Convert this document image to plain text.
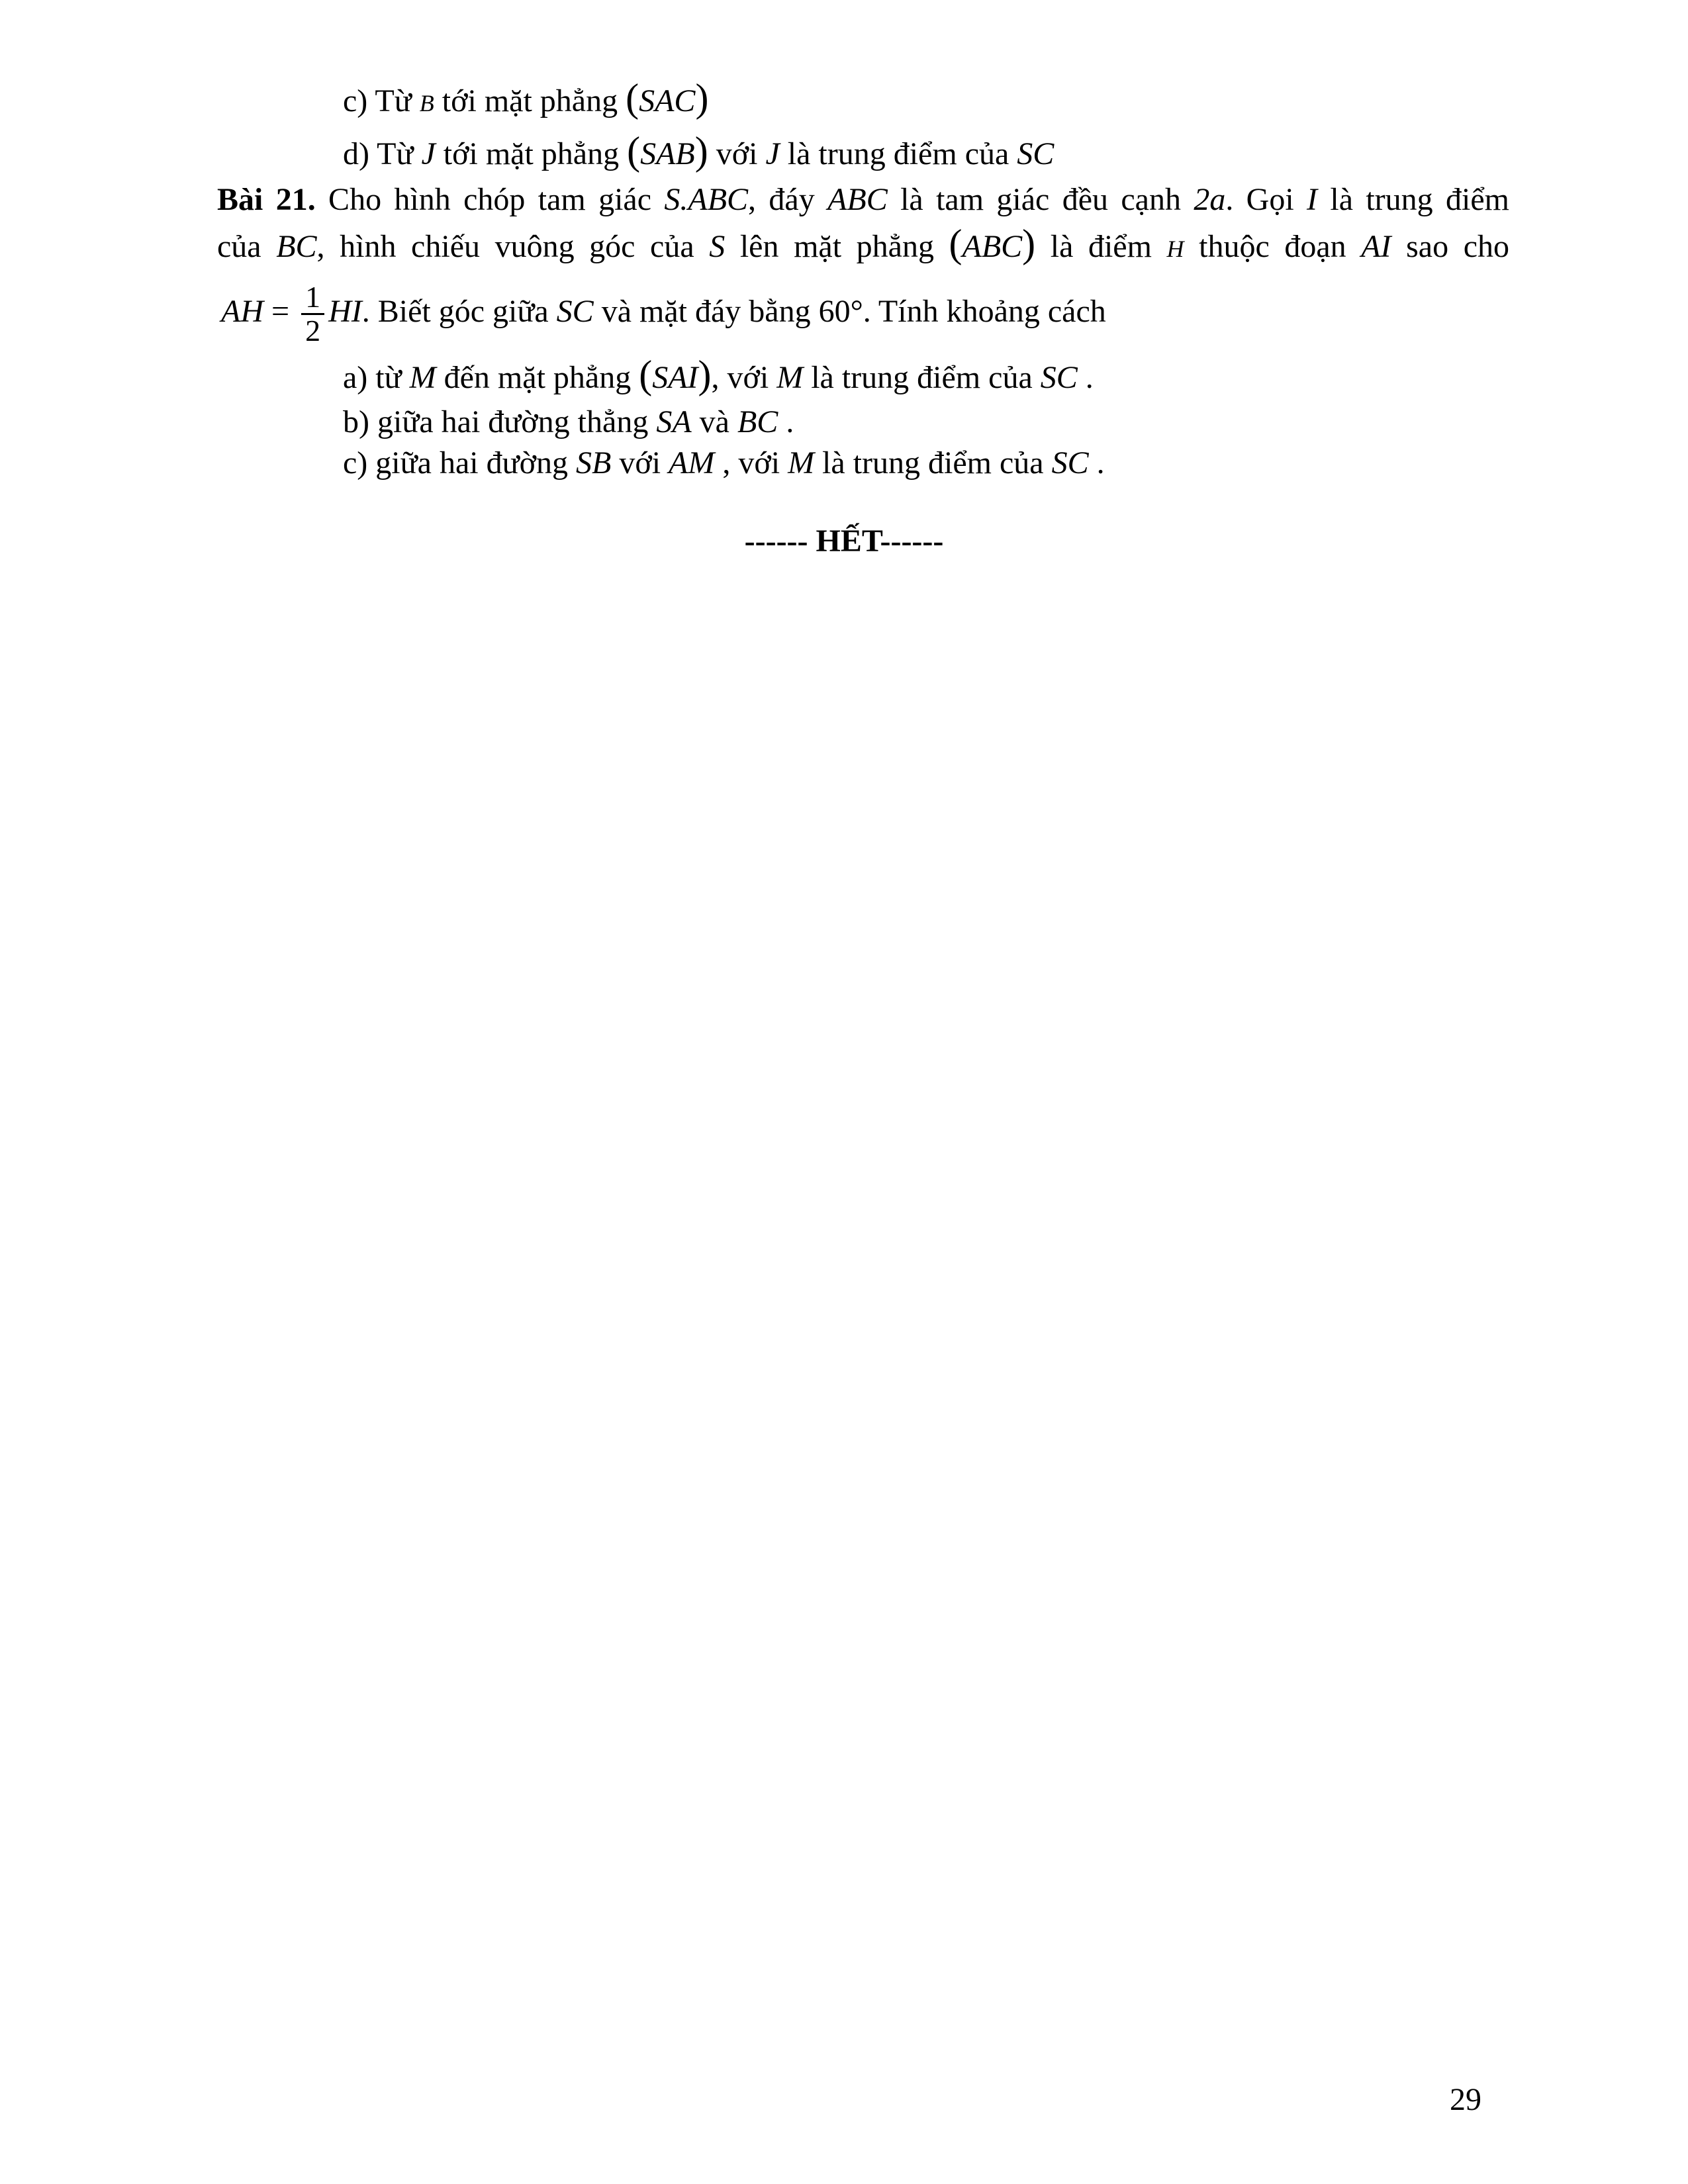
c) Từ B tới mặt phẳng (SAC)
d) Từ J tới mặt phẳng (SAB) với J là trung điểm của SC
Bài 21. Cho hình chóp tam giác S.ABC, đáy ABC là tam giác đều cạnh 2a. Gọi I là trung điểm
của BC, hình chiếu vuông góc của S lên mặt phẳng (ABC) là điểm H thuộc đoạn AI sao cho
AH = $\frac{1}{2}$ HI. Biết góc giữa SC và mặt đáy bằng 60°. Tính khoảng cách
a) từ M đến mặt phẳng (SAI), với M là trung điểm của SC .
b) giữa hai đường thẳng SA và BC .
c) giữa hai đường SB với AM , với M là trung điểm của SC .
------ HẾT------
29
